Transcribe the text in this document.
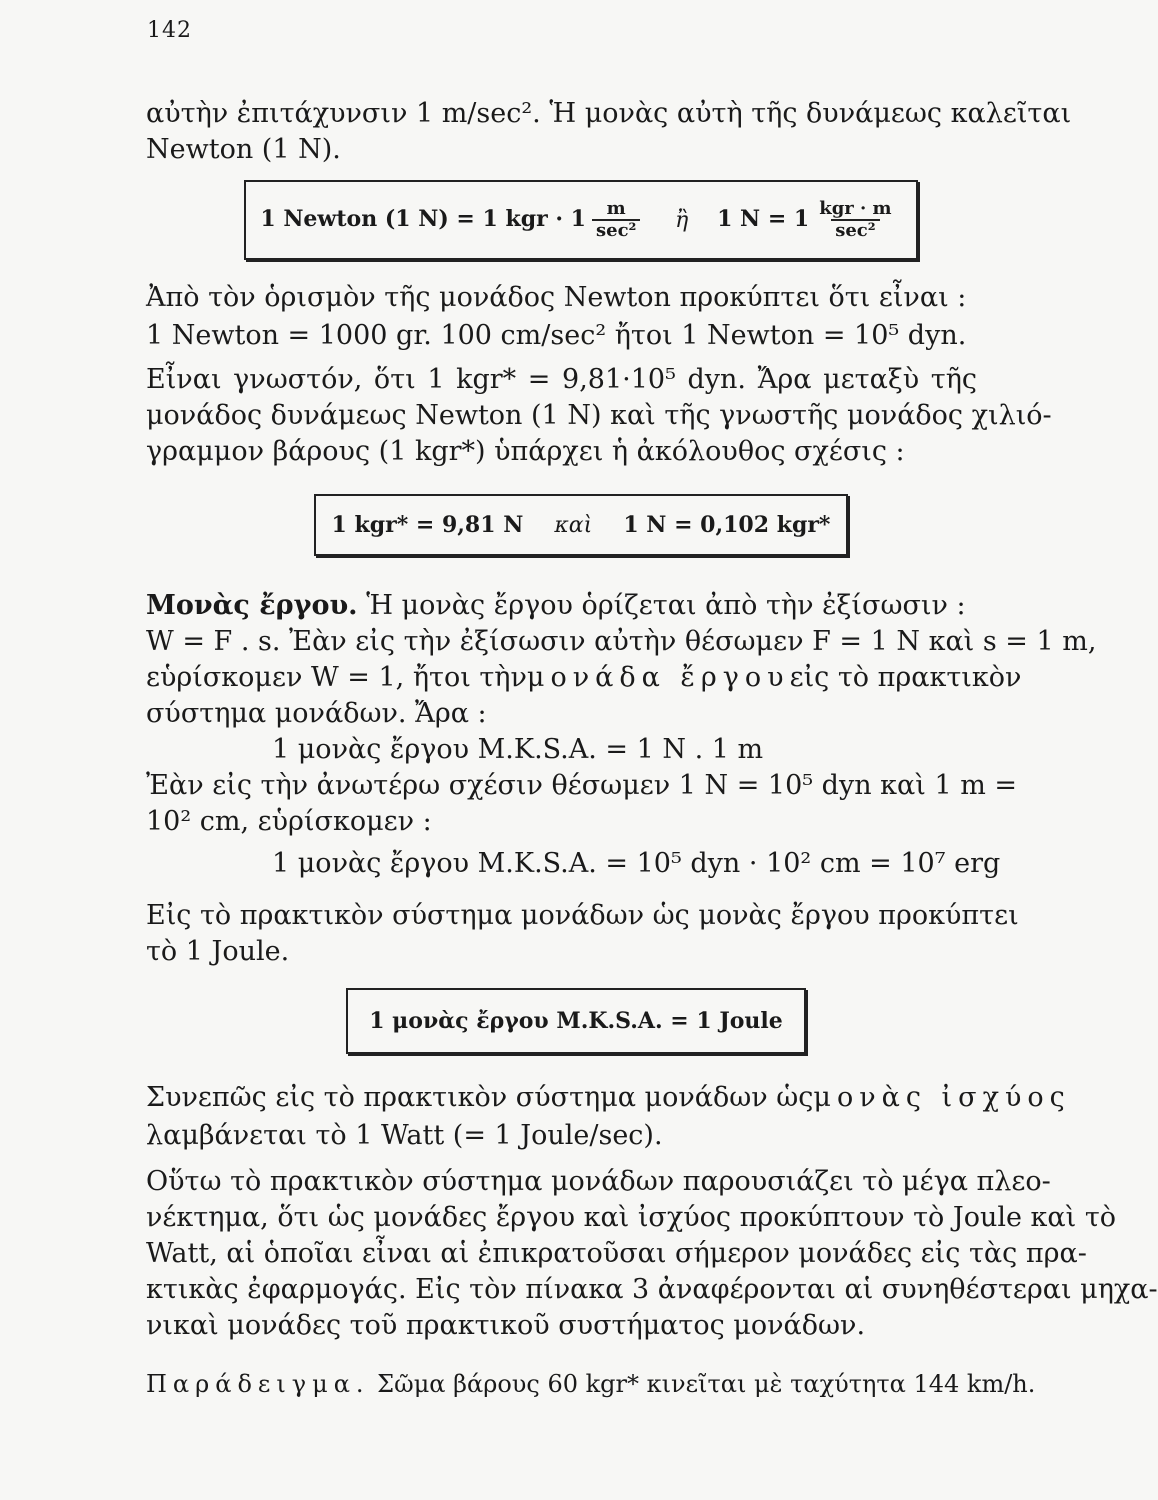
142
αὐτὴν ἐπιτάχυνσιν 1 m/sec². Ἡ μονὰς αὐτὴ τῆς δυνάμεως καλεῖται
Newton (1 N).
1 Newton (1 N) = 1 kgr · $1 \frac{m}{\text{sec²}}$ ἢ 1 $N = 1 \frac{\text{kgr · m}}{\text{sec²}}$
Ἀπὸ τὸν ὁρισμὸν τῆς μονάδος Newton προκύπτει ὅτι εἶναι :
1 Newton = 1000 gr. 100 cm/sec² ἤτοι 1 Newton = 10⁵ dyn.
Εἶναι γνωστόν, ὅτι 1 kgr* = 9,81·10⁵ dyn. Ἄρα μεταξὺ τῆς
μονάδος δυνάμεως Newton (1 N) καὶ τῆς γνωστῆς μονάδος χιλιό-
γραμμον βάρους (1 kgr*) ὑπάρχει ἡ ἀκόλουθος σχέσις :
1 kgr* = 9,81 N καὶ 1 N = 0,102 kgr*
Μονὰς ἔργου. Ἡ μονὰς ἔργου ὁρίζεται ἀπὸ τὴν ἐξίσωσιν :
W = F . s. Ἐὰν εἰς τὴν ἐξίσωσιν αὐτὴν θέσωμεν F = 1 N καὶ s = 1 m,
εὑρίσκομεν W = 1, ἤτοι τὴν μονάδα ἔργου εἰς τὸ πρακτικὸν
σύστημα μονάδων. Ἄρα :
1 μονὰς ἔργου M.K.S.A. = 1 N . 1 m
Ἐὰν εἰς τὴν ἀνωτέρω σχέσιν θέσωμεν 1 N = 10⁵ dyn καὶ 1 m =
10² cm, εὑρίσκομεν :
1 μονὰς ἔργου M.K.S.A. = 10⁵ dyn · 10² cm = 10⁷ erg
Εἰς τὸ πρακτικὸν σύστημα μονάδων ὡς μονὰς ἔργου προκύπτει
τὸ 1 Joule.
1 μονὰς ἔργου M.K.S.A. = 1 Joule
Συνεπῶς εἰς τὸ πρακτικὸν σύστημα μονάδων ὡς μονὰς ἰσχύος
λαμβάνεται τὸ 1 Watt (= 1 Joule/sec).
Οὕτω τὸ πρακτικὸν σύστημα μονάδων παρουσιάζει τὸ μέγα πλεο-
νέκτημα, ὅτι ὡς μονάδες ἔργου καὶ ἰσχύος προκύπτουν τὸ Joule καὶ τὸ
Watt, αἱ ὁποῖαι εἶναι αἱ ἐπικρατοῦσαι σήμερον μονάδες εἰς τὰς πρα-
κτικὰς ἐφαρμογάς. Εἰς τὸν πίνακα 3 ἀναφέρονται αἱ συνηθέστεραι μηχα-
νικαὶ μονάδες τοῦ πρακτικοῦ συστήματος μονάδων.
Παράδειγμα. Σῶμα βάρους 60 kgr* κινεῖται μὲ ταχύτητα 144 km/h.
